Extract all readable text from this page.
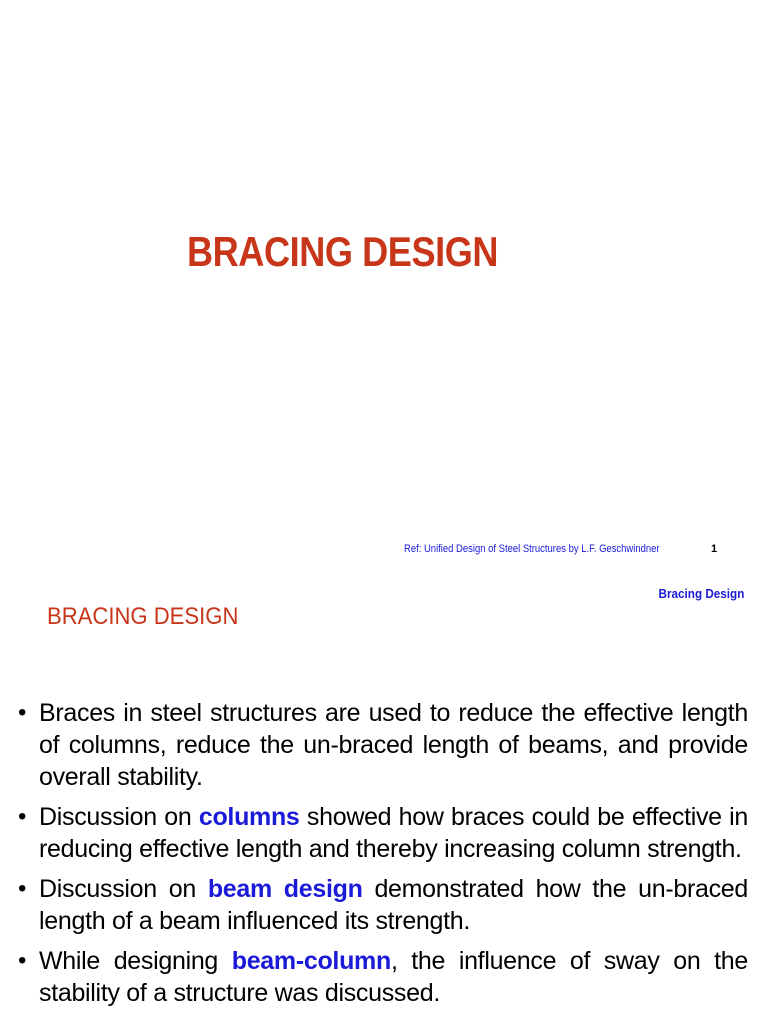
BRACING DESIGN
Ref: Unified Design of Steel Structures by L.F. Geschwindner	1
Bracing Design
BRACING DESIGN
• Braces in steel structures are used to reduce the effective length of columns, reduce the un-braced length of beams, and provide overall stability.
• Discussion on columns showed how braces could be effective in reducing effective length and thereby increasing column strength.
• Discussion on beam design demonstrated how the un-braced length of a beam influenced its strength.
• While designing beam-column, the influence of sway on the stability of a structure was discussed.
